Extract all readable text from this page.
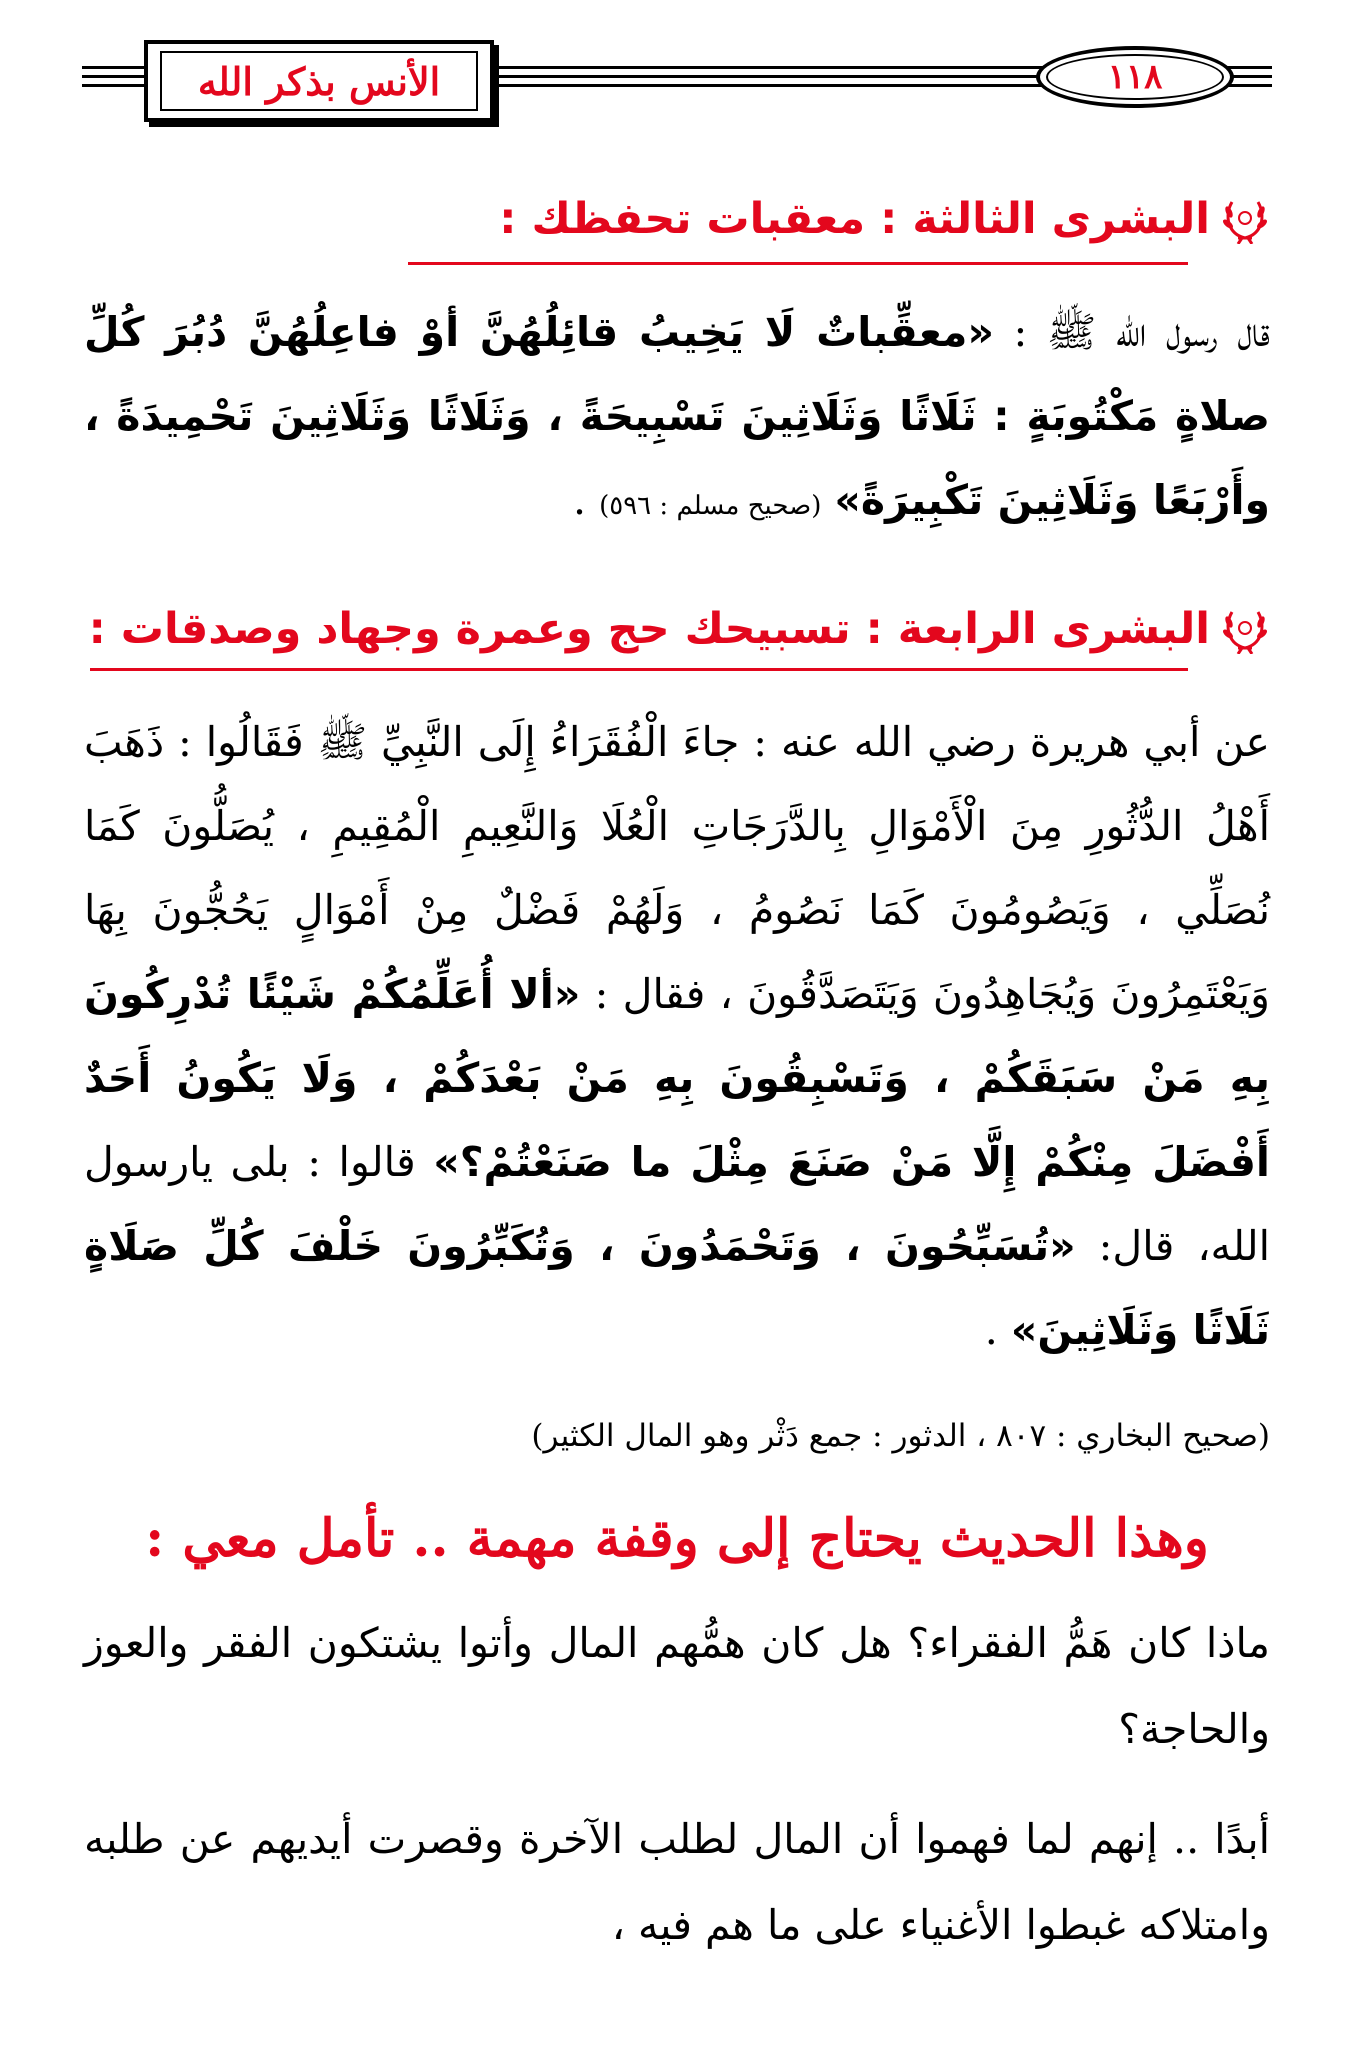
الأنس بذكر الله	١١٨
البشرى الثالثة : معقبات تحفظك :
قال رسول الله ﷺ : «معقِّباتٌ لَا يَخِيبُ قائِلُهُنَّ أوْ فاعِلُهُنَّ دُبُرَ كُلِّ صلاةٍ مَكْتُوبَةٍ : ثَلَاثًا وَثَلَاثِينَ تَسْبِيحَةً ، وَثَلَاثًا وَثَلَاثِينَ تَحْمِيدَةً ، وأَرْبَعًا وَثَلَاثِينَ تَكْبِيرَةً» (صحيح مسلم : ٥٩٦) .
البشرى الرابعة : تسبيحك حج وعمرة وجهاد وصدقات :
عن أبي هريرة رضي الله عنه : جاءَ الْفُقَرَاءُ إِلَى النَّبِيِّ ﷺ فَقَالُوا : ذَهَبَ أَهْلُ الدُّثُورِ مِنَ الْأَمْوَالِ بِالدَّرَجَاتِ الْعُلَا وَالنَّعِيمِ الْمُقِيمِ ، يُصَلُّونَ كَمَا نُصَلِّي ، وَيَصُومُونَ كَمَا نَصُومُ ، وَلَهُمْ فَضْلٌ مِنْ أَمْوَالٍ يَحُجُّونَ بِهَا وَيَعْتَمِرُونَ وَيُجَاهِدُونَ وَيَتَصَدَّقُونَ ، فقال : «ألا أُعَلِّمُكُمْ شَيْئًا تُدْرِكُونَ بِهِ مَنْ سَبَقَكُمْ ، وَتَسْبِقُونَ بِهِ مَنْ بَعْدَكُمْ ، وَلَا يَكُونُ أَحَدٌ أَفْضَلَ مِنْكُمْ إِلَّا مَنْ صَنَعَ مِثْلَ ما صَنَعْتُمْ؟» قالوا : بلى يارسول الله، قال: «تُسَبِّحُونَ ، وَتَحْمَدُونَ ، وَتُكَبِّرُونَ خَلْفَ كُلِّ صَلَاةٍ ثَلَاثًا وَثَلَاثِينَ» .
(صحيح البخاري : ٨٠٧ ، الدثور : جمع دَثْر وهو المال الكثير)
وهذا الحديث يحتاج إلى وقفة مهمة .. تأمل معي :
ماذا كان هَمُّ الفقراء؟ هل كان همُّهم المال وأتوا يشتكون الفقر والعوز والحاجة؟
أبدًا .. إنهم لما فهموا أن المال لطلب الآخرة وقصرت أيديهم عن طلبه وامتلاكه غبطوا الأغنياء على ما هم فيه ،
